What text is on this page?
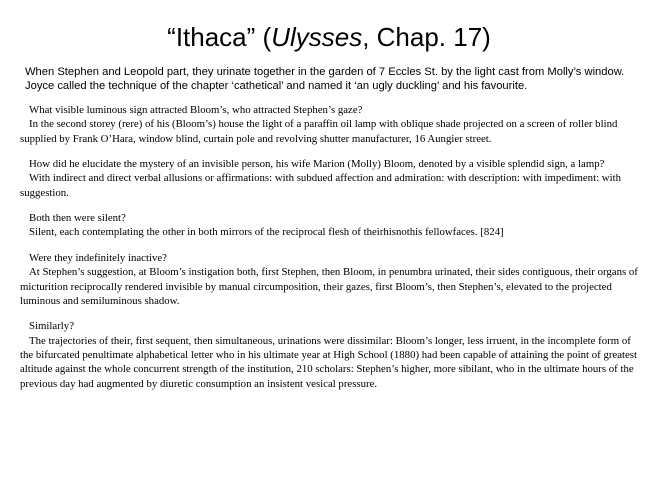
“Ithaca” (Ulysses, Chap. 17)
When Stephen and Leopold part, they urinate together in the garden of 7 Eccles St. by the light cast from Molly’s window. Joyce called the technique of the chapter ‘cathetical’ and named it ‘an ugly duckling’ and his favourite.

What visible luminous sign attracted Bloom’s, who attracted Stephen’s gaze?

In the second storey (rere) of his (Bloom’s) house the light of a paraffin oil lamp with oblique shade projected on a screen of roller blind supplied by Frank O’Hara, window blind, curtain pole and revolving shutter manufacturer, 16 Aungier street.

How did he elucidate the mystery of an invisible person, his wife Marion (Molly) Bloom, denoted by a visible splendid sign, a lamp?

With indirect and direct verbal allusions or affirmations: with subdued affection and admiration: with description: with impediment: with suggestion.

Both then were silent?

Silent, each contemplating the other in both mirrors of the reciprocal flesh of theirhisnothis fellowfaces. [824]

Were they indefinitely inactive?

At Stephen’s suggestion, at Bloom’s instigation both, first Stephen, then Bloom, in penumbra urinated, their sides contiguous, their organs of micturition reciprocally rendered invisible by manual circumposition, their gazes, first Bloom’s, then Stephen’s, elevated to the projected luminous and semiluminous shadow.

Similarly?

The trajectories of their, first sequent, then simultaneous, urinations were dissimilar: Bloom’s longer, less irruent, in the incomplete form of the bifurcated penultimate alphabetical letter who in his ultimate year at High School (1880) had been capable of attaining the point of greatest altitude against the whole concurrent strength of the institution, 210 scholars: Stephen’s higher, more sibilant, who in the ultimate hours of the previous day had augmented by diuretic consumption an insistent vesical pressure.
